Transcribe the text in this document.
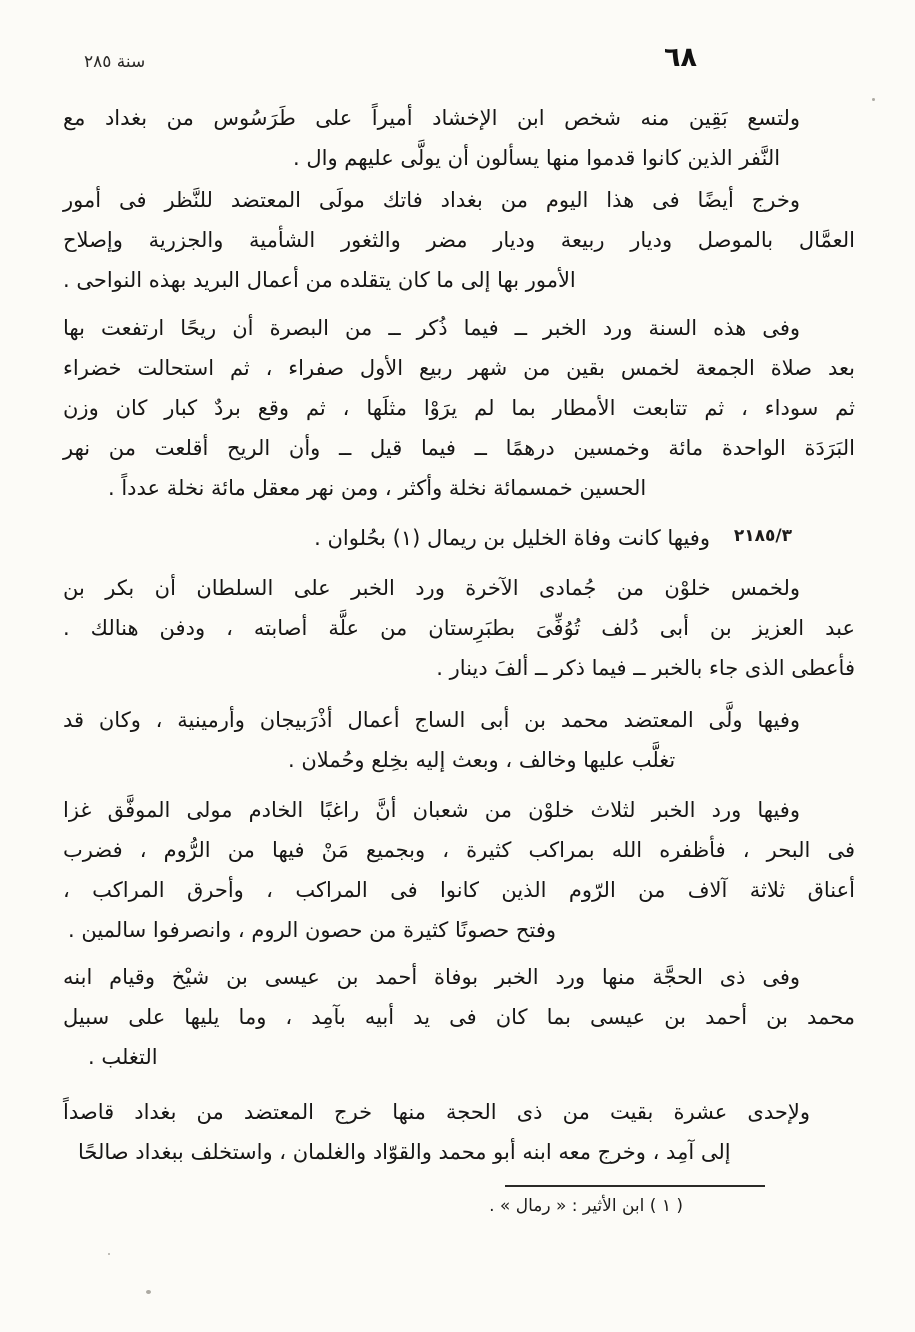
سنة ٢٨٥	٦٨
٢١٨٥/٣
ولتسع بَقِين منه شخص ابن الإخشاد أميراً على طَرَسُوس من بغداد مع
النَّفر الذين كانوا قدموا منها يسألون أن يولَّى عليهم وال .
وخرج أيضًا فى هذا اليوم من بغداد فاتك مولَى المعتضد للنَّظر فى أمور
العمَّال بالموصل وديار ربيعة وديار مضر والثغور الشأمية والجزرية وإصلاح
الأمور بها إلى ما كان يتقلده من أعمال البريد بهذه النواحى .
وفى هذه السنة ورد الخبر ــ فيما ذُكر ــ من البصرة أن ريحًا ارتفعت بها
بعد صلاة الجمعة لخمس بقين من شهر ربيع الأول صفراء ، ثم استحالت خضراء
ثم سوداء ، ثم تتابعت الأمطار بما لم يرَوْا مثلَها ، ثم وقع بردٌ كبار كان وزن
البَرَدَة الواحدة مائة وخمسين درهمًا ــ فيما قيل ــ وأن الريح أقلعت من نهر
الحسين خمسمائة نخلة وأكثر ، ومن نهر معقل مائة نخلة عدداً .
وفيها كانت وفاة الخليل بن ريمال (١) بحُلوان .
ولخمس خلوْن من جُمادى الآخرة ورد الخبر على السلطان أن بكر بن
عبد العزيز بن أبى دُلف تُوُفِّىَ بطبَرِستان من علَّة أصابته ، ودفن هنالك .
فأعطى الذى جاء بالخبر ــ فيما ذكر ــ ألفَ دينار .
وفيها ولَّى المعتضد محمد بن أبى الساج أعمال أذْرَبيجان وأرمينية ، وكان قد
تغلَّب عليها وخالف ، وبعث إليه بخِلع وحُملان .
وفيها ورد الخبر لثلاث خلوْن من شعبان أنَّ راغبًا الخادم مولى الموفَّق غزا
فى البحر ، فأظفره الله بمراكب كثيرة ، وبجميع مَنْ فيها من الرُّوم ، فضرب
أعناق ثلاثة آلاف من الرّوم الذين كانوا فى المراكب ، وأحرق المراكب ،
وفتح حصونًا كثيرة من حصون الروم ، وانصرفوا سالمين .
وفى ذى الحجَّة منها ورد الخبر بوفاة أحمد بن عيسى بن شيْخ وقيام ابنه
محمد بن أحمد بن عيسى بما كان فى يد أبيه بآمِد ، وما يليها على سبيل
التغلب .
ولإحدى عشرة بقيت من ذى الحجة منها خرج المعتضد من بغداد قاصداً
إلى آمِد ، وخرج معه ابنه أبو محمد والقوّاد والغلمان ، واستخلف ببغداد صالحًا
( ١ ) ابن الأثير : « رمال » .
